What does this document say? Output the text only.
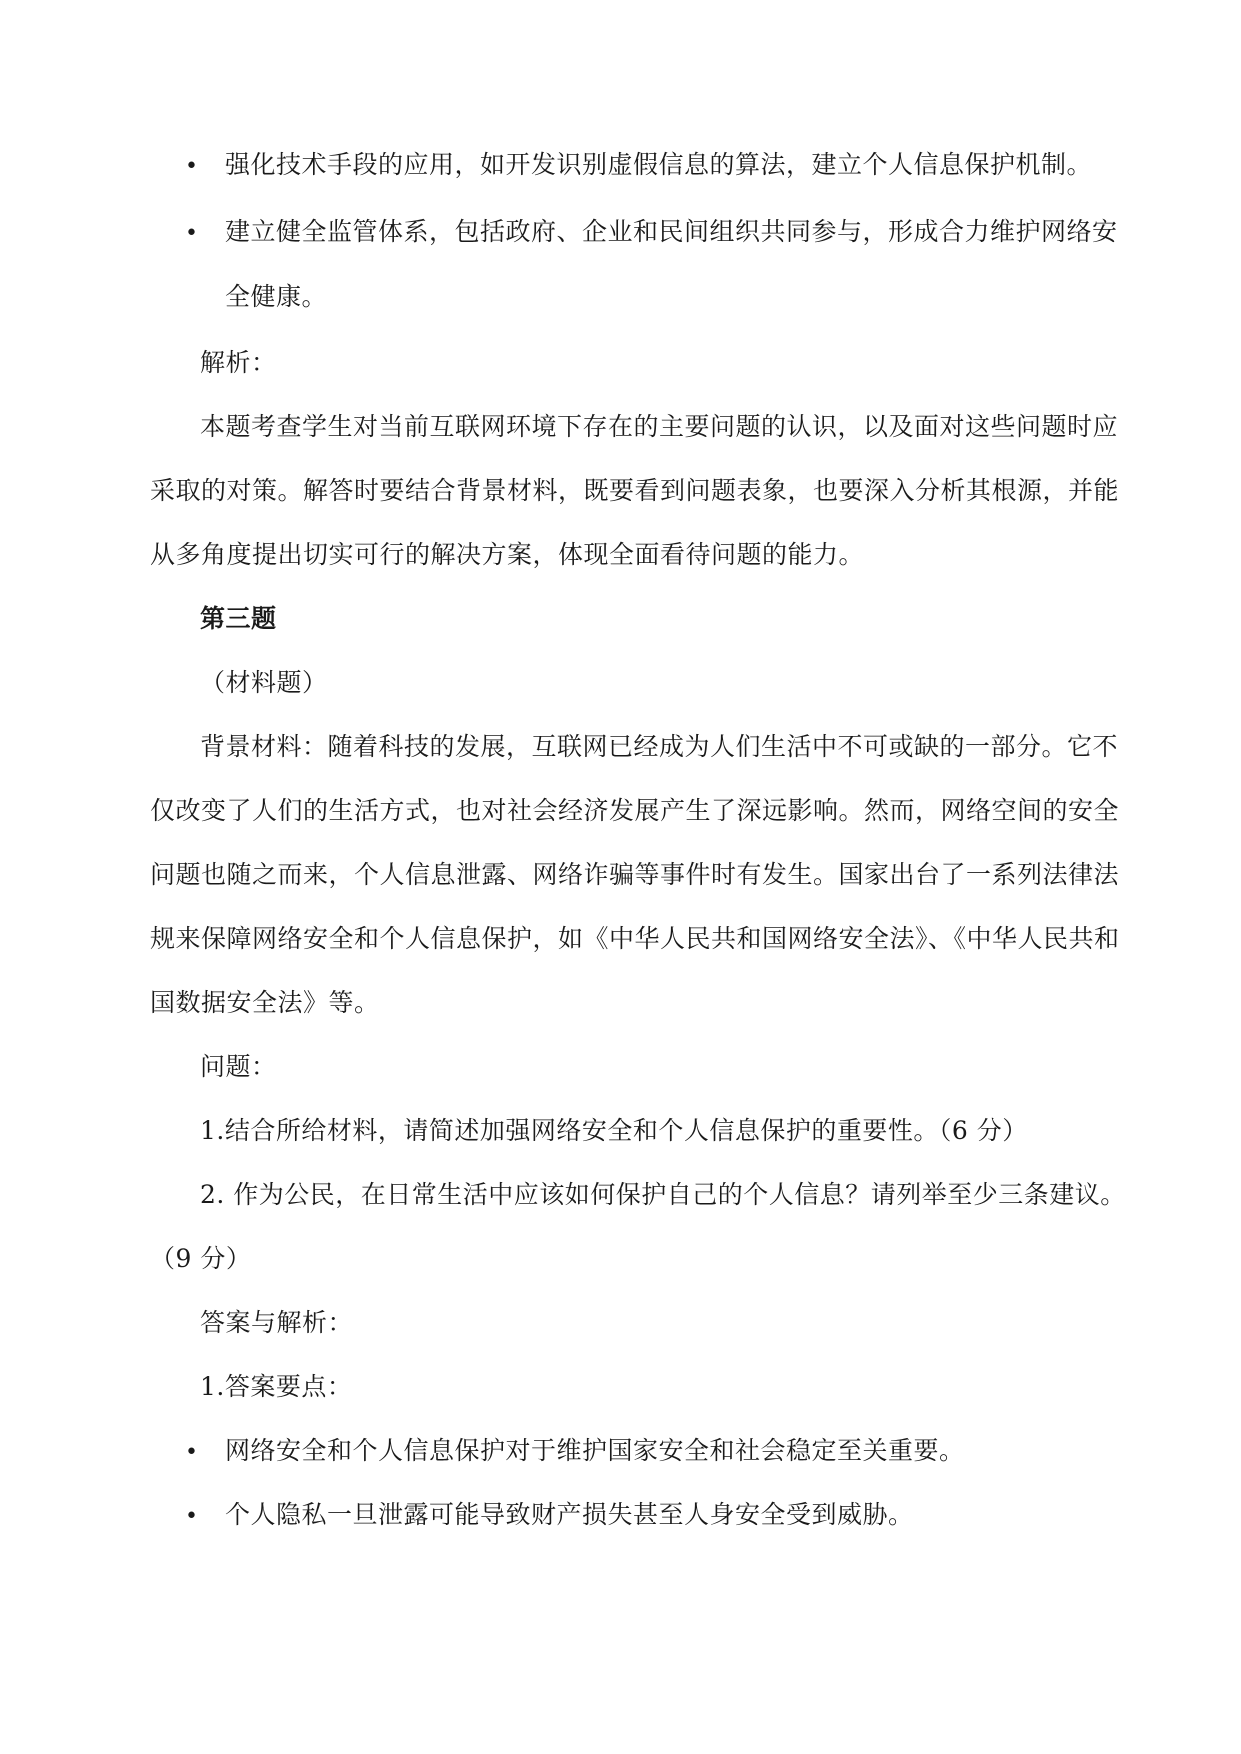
• 强化技术手段的应用，如开发识别虚假信息的算法，建立个人信息保护机制。
• 建立健全监管体系，包括政府、企业和民间组织共同参与，形成合力维护网络安
全健康。
解析：
本题考查学生对当前互联网环境下存在的主要问题的认识，以及面对这些问题时应
采取的对策。解答时要结合背景材料，既要看到问题表象，也要深入分析其根源，并能
从多角度提出切实可行的解决方案，体现全面看待问题的能力。
第三题
（材料题）
背景材料：随着科技的发展，互联网已经成为人们生活中不可或缺的一部分。它不
仅改变了人们的生活方式，也对社会经济发展产生了深远影响。然而，网络空间的安全
问题也随之而来，个人信息泄露、网络诈骗等事件时有发生。国家出台了一系列法律法
规来保障网络安全和个人信息保护，如《中华人民共和国网络安全法》、《中华人民共和
国数据安全法》等。
问题：
1.结合所给材料，请简述加强网络安全和个人信息保护的重要性。（6 分）
2. 作为公民，在日常生活中应该如何保护自己的个人信息？请列举至少三条建议。
（9 分）
答案与解析：
1.答案要点：
• 网络安全和个人信息保护对于维护国家安全和社会稳定至关重要。
• 个人隐私一旦泄露可能导致财产损失甚至人身安全受到威胁。
